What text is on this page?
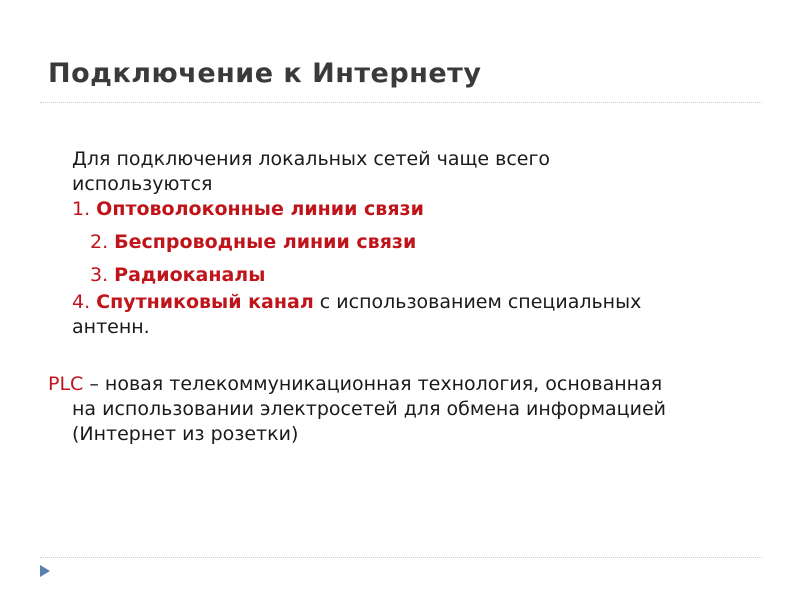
Подключение к Интернету

Для подключения локальных сетей чаще всего

используются

1. Оптоволоконные линии связи

2. Беспроводные линии связи

3. Радиоканалы

4. Спутниковый канал с использованием специальных

антенн.

PLC – новая телекоммуникационная технология, основанная

на использовании электросетей для обмена информацией

(Интернет из розетки)
